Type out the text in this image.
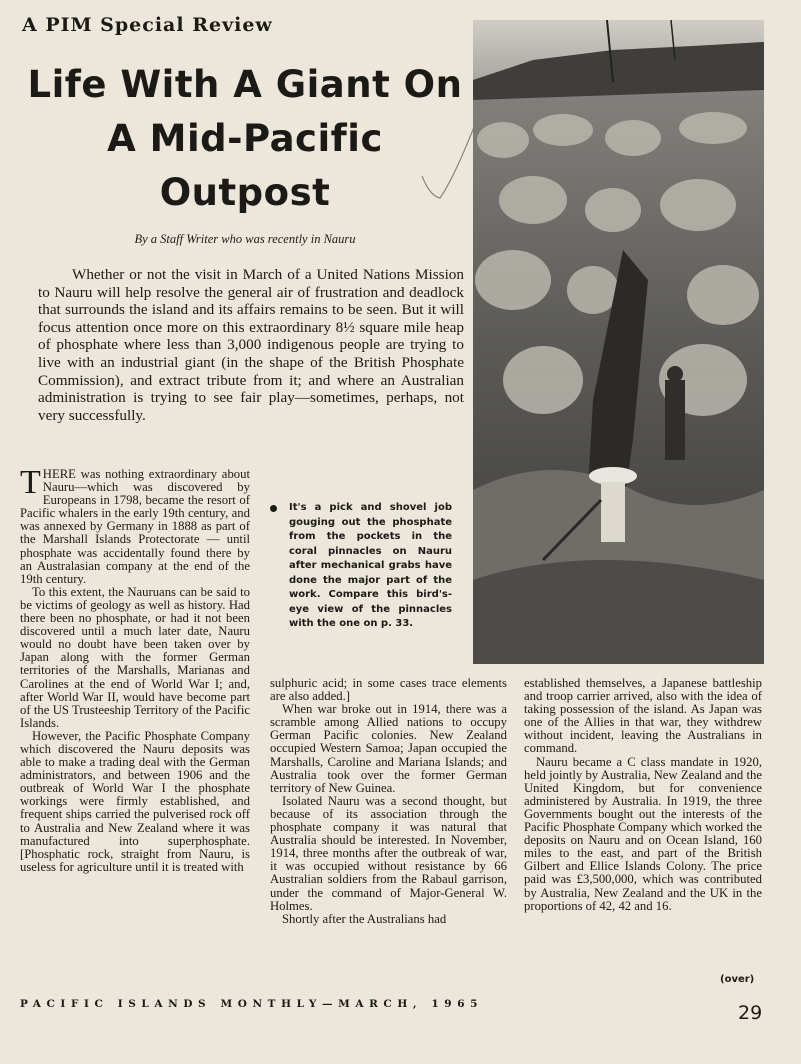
A PIM Special Review
Life With A Giant On A Mid-Pacific Outpost

By a Staff Writer who was recently in Nauru

Whether or not the visit in March of a United Nations Mission to Nauru will help resolve the general air of frustration and deadlock that surrounds the island and its affairs remains to be seen. But it will focus attention once more on this extraordinary 8½ square mile heap of phosphate where less than 3,000 indigenous people are trying to live with an industrial giant (in the shape of the British Phosphate Commission), and extract tribute from it; and where an Australian administration is trying to see fair play—sometimes, perhaps, not very successfully.

It's a pick and shovel job gouging out the phosphate from the pockets in the coral pinnacles on Nauru after mechanical grabs have done the major part of the work. Compare this bird's-eye view of the pinnacles with the one on p. 33.

THERE was nothing extraordinary about Nauru—which was discovered by Europeans in 1798, became the resort of Pacific whalers in the early 19th century, and was annexed by Germany in 1888 as part of the Marshall Islands Protectorate — until phosphate was accidentally found there by an Australasian company at the end of the 19th century.

To this extent, the Nauruans can be said to be victims of geology as well as history. Had there been no phosphate, or had it not been discovered until a much later date, Nauru would no doubt have been taken over by Japan along with the former German territories of the Marshalls, Marianas and Carolines at the end of World War I; and, after World War II, would have become part of the US Trusteeship Territory of the Pacific Islands.

However, the Pacific Phosphate Company which discovered the Nauru deposits was able to make a trading deal with the German administrators, and between 1906 and the outbreak of World War I the phosphate workings were firmly established, and frequent ships carried the pulverised rock off to Australia and New Zealand where it was manufactured into superphosphate. [Phosphatic rock, straight from Nauru, is useless for agriculture until it is treated with

sulphuric acid; in some cases trace elements are also added.]

When war broke out in 1914, there was a scramble among Allied nations to occupy German Pacific colonies. New Zealand occupied Western Samoa; Japan occupied the Marshalls, Caroline and Mariana Islands; and Australia took over the former German territory of New Guinea.

Isolated Nauru was a second thought, but because of its association through the phosphate company it was natural that Australia should be interested. In November, 1914, three months after the outbreak of war, it was occupied without resistance by 66 Australian soldiers from the Rabaul garrison, under the command of Major-General W. Holmes.

Shortly after the Australians had

established themselves, a Japanese battleship and troop carrier arrived, also with the idea of taking possession of the island. As Japan was one of the Allies in that war, they withdrew without incident, leaving the Australians in command.

Nauru became a C class mandate in 1920, held jointly by Australia, New Zealand and the United Kingdom, but for convenience administered by Australia. In 1919, the three Governments bought out the interests of the Pacific Phosphate Company which worked the deposits on Nauru and on Ocean Island, 160 miles to the east, and part of the British Gilbert and Ellice Islands Colony. The price paid was £3,500,000, which was contributed by Australia, New Zealand and the UK in the proportions of 42, 42 and 16.

(over)
PACIFIC ISLANDS MONTHLY—MARCH, 1965	29
